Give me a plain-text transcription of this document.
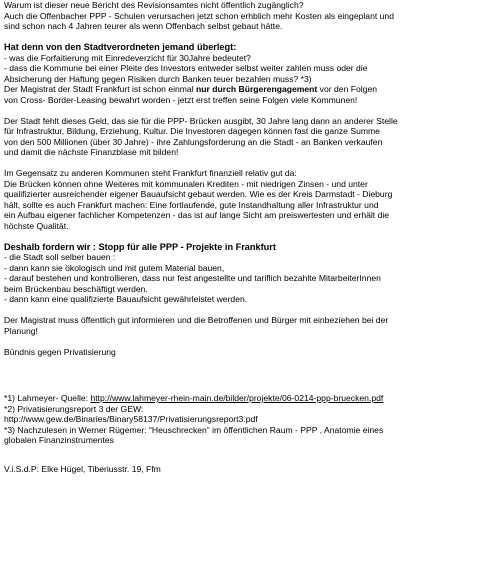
Warum ist dieser neue Bericht des Revisionsamtes nicht öffentlich zugänglich?
Auch die Offenbacher PPP - Schulen verursachen jetzt schon erhblich mehr Kosten als eingeplant und
sind schon nach 4 Jahren teurer als wenn Offenbach selbst gebaut hätte.
Hat denn von den Stadtverordneten jemand überlegt:
- was die Forfaitierung mit Einredeverzicht für 30Jahre bedeutet?
- dass die Kommune bei einer Pleite des Investors entweder selbst weiter zahlen muss oder die
Absicherung der Haftung gegen Risiken durch Banken teuer bezahlen muss? *3)
Der Magistrat der Stadt Frankfurt ist schon einmal nur durch Bürgerengagement vor den Folgen
von Cross- Border-Leasing bewahrt worden - jetzt erst treffen seine Folgen viele Kommunen!
Der Stadt fehlt dieses Geld, das sie für die PPP- Brücken ausgibt, 30 Jahre lang dann an anderer Stelle
für Infrastruktur, Bildung, Erziehung, Kultur. Die Investoren dagegen können fast die ganze Summe
von den 500 Millionen (über 30 Jahre) - ihre Zahlungsforderung an die Stadt - an Banken verkaufen
und damit die nächste Finanzblase mit bilden!
Im Gegensatz zu anderen Kommunen steht Frankfurt finanziell relativ gut da:
Die Brücken können ohne Weiteres mit kommunalen Krediten - mit niedrigen Zinsen - und unter
qualifizierter ausreichender eigener Bauaufsicht gebaut werden. Wie es der Kreis Darmstadt - Dieburg
hält, sollte es auch Frankfurt machen: Eine fortlaufende, gute Instandhaltung aller Infrastruktur und
ein Aufbau eigener fachlicher Kompetenzen - das ist auf lange Sicht am preiswertesten und erhält die
höchste Qualität.
Deshalb fordern wir : Stopp für alle PPP - Projekte in Frankfurt
- die Stadt soll selber bauen :
- dann kann sie ökologisch und mit gutem Material bauen,
- darauf bestehen und kontrollieren, dass nur fest angestellte und tariflich bezahlte MitarbeiterInnen
beim Brückenbau beschäftigt werden.
- dann kann eine qualifizierte Bauaufsicht gewährleistet werden.
Der Magistrat muss öffentlich gut informieren und die Betroffenen und Bürger mit einbeziehen bei der
Planung!
Bündnis gegen Privatisierung
*1) Lahmeyer- Quelle: http://www.lahmeyer-rhein-main.de/bilder/projekte/06-0214-ppp-bruecken.pdf
*2) Privatisierungsreport 3 der GEW:
http://www.gew.de/Binaries/Binary58137/Privatisierungsreport3.pdf
*3) Nachzulesen in Werner Rügemer: “Heuschrecken“ im öffentlichen Raum - PPP , Anatomie eines
globalen Finanzinstrumentes
V.i.S.d.P: Elke Hügel, Tiberiusstr. 19, Ffm
